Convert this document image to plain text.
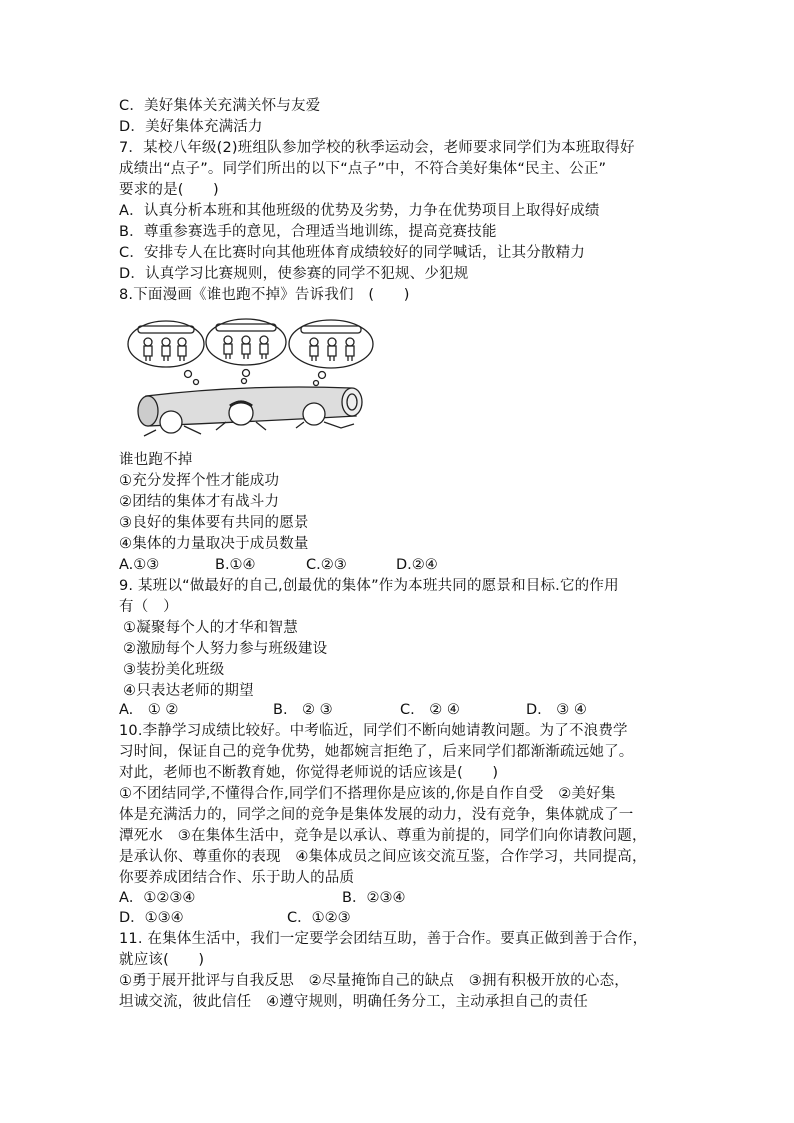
C．美好集体关充满关怀与友爱
D．美好集体充满活力
7．某校八年级(2)班组队参加学校的秋季运动会，老师要求同学们为本班取得好
成绩出“点子”。同学们所出的以下“点子”中，不符合美好集体“民主、公正”
要求的是(　　)
A．认真分析本班和其他班级的优势及劣势，力争在优势项目上取得好成绩
B．尊重参赛选手的意见，合理适当地训练，提高竞赛技能
C．安排专人在比赛时向其他班体育成绩较好的同学喊话，让其分散精力
D．认真学习比赛规则，使参赛的同学不犯规、少犯规
8.下面漫画《谁也跑不掉》告诉我们　(　　)
谁也跑不掉
①充分发挥个性才能成功
②团结的集体才有战斗力
③良好的集体要有共同的愿景
④集体的力量取决于成员数量
A.①③	B.①④	C.②③	D.②④
9. 某班以“做最好的自己,创最优的集体”作为本班共同的愿景和目标.它的作用
有（　）
①凝聚每个人的才华和智慧
②激励每个人努力参与班级建设
③装扮美化班级
④只表达老师的期望
A.　① ②	B.　② ③	C.　② ④	D.　③ ④
10.李静学习成绩比较好。中考临近，同学们不断向她请教问题。为了不浪费学
习时间，保证自己的竞争优势，她都婉言拒绝了，后来同学们都渐渐疏远她了。
对此，老师也不断教育她，你觉得老师说的话应该是(　　)
①不团结同学,不懂得合作,同学们不搭理你是应该的,你是自作自受　②美好集
体是充满活力的，同学之间的竞争是集体发展的动力，没有竞争，集体就成了一
潭死水　③在集体生活中，竞争是以承认、尊重为前提的，同学们向你请教问题，
是承认你、尊重你的表现　④集体成员之间应该交流互鉴，合作学习，共同提高，
你要养成团结合作、乐于助人的品质
A．①②③④	B．②③④
D．①③④	C．①②③
11. 在集体生活中，我们一定要学会团结互助，善于合作。要真正做到善于合作，
就应该(　　)
①勇于展开批评与自我反思　②尽量掩饰自己的缺点　③拥有积极开放的心态，
坦诚交流，彼此信任　④遵守规则，明确任务分工，主动承担自己的责任
